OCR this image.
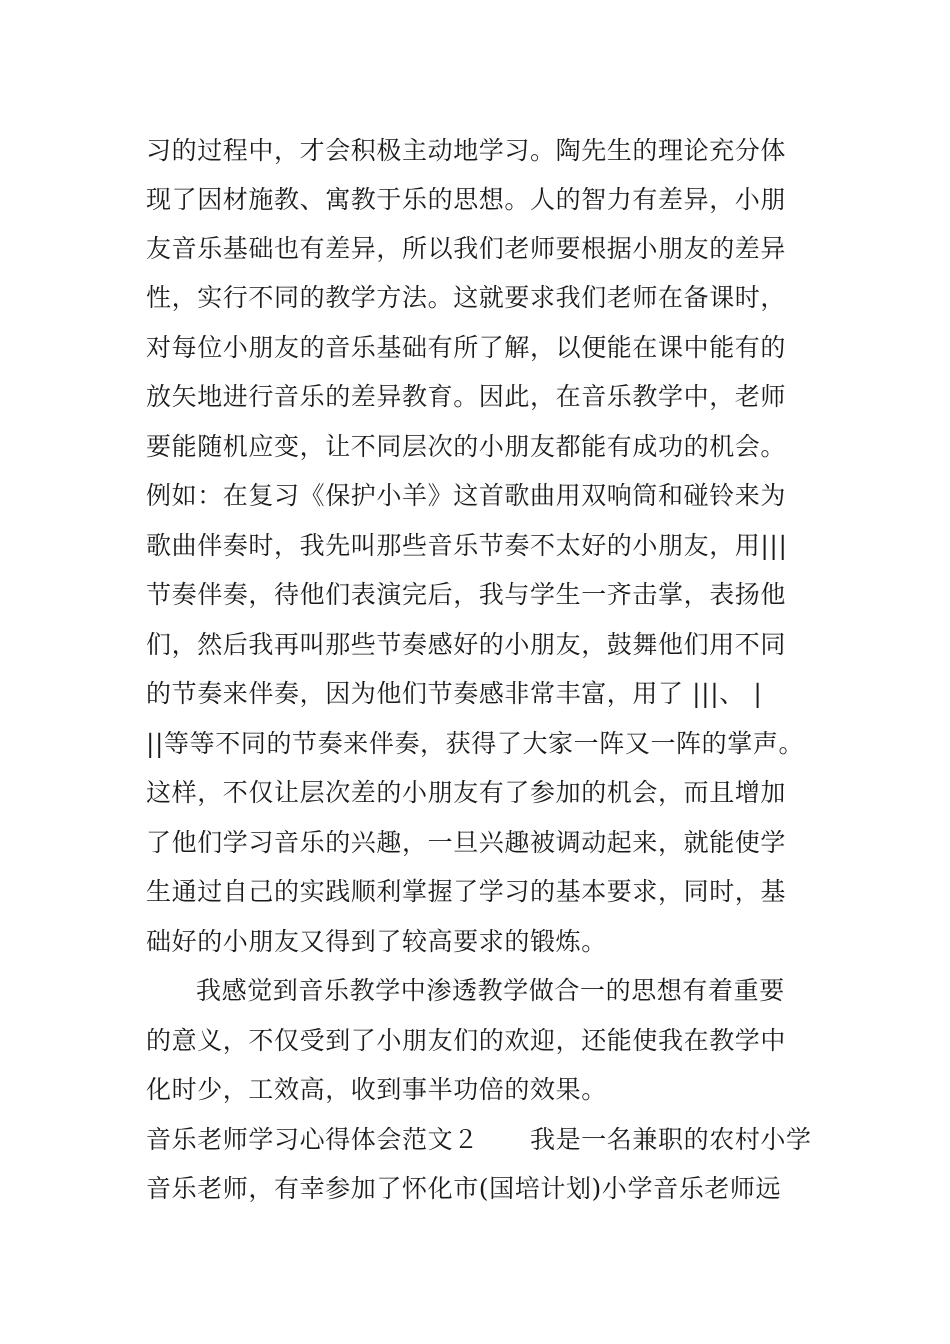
习的过程中，才会积极主动地学习。陶先生的理论充分体
现了因材施教、寓教于乐的思想。人的智力有差异，小朋
友音乐基础也有差异，所以我们老师要根据小朋友的差异
性，实行不同的教学方法。这就要求我们老师在备课时，
对每位小朋友的音乐基础有所了解，以便能在课中能有的
放矢地进行音乐的差异教育。因此，在音乐教学中，老师
要能随机应变，让不同层次的小朋友都能有成功的机会。
例如：在复习《保护小羊》这首歌曲用双响筒和碰铃来为
歌曲伴奏时，我先叫那些音乐节奏不太好的小朋友，用|||
节奏伴奏，待他们表演完后，我与学生一齐击掌，表扬他
们，然后我再叫那些节奏感好的小朋友，鼓舞他们用不同
的节奏来伴奏，因为他们节奏感非常丰富，用了 |||、 |
||等等不同的节奏来伴奏，获得了大家一阵又一阵的掌声。
这样，不仅让层次差的小朋友有了参加的机会，而且增加
了他们学习音乐的兴趣，一旦兴趣被调动起来，就能使学
生通过自己的实践顺利掌握了学习的基本要求，同时，基
础好的小朋友又得到了较高要求的锻炼。
我感觉到音乐教学中渗透教学做合一的思想有着重要
的意义，不仅受到了小朋友们的欢迎，还能使我在教学中
化时少，工效高，收到事半功倍的效果。
音乐老师学习心得体会范文２　　我是一名兼职的农村小学
音乐老师，有幸参加了怀化市(国培计划)小学音乐老师远
